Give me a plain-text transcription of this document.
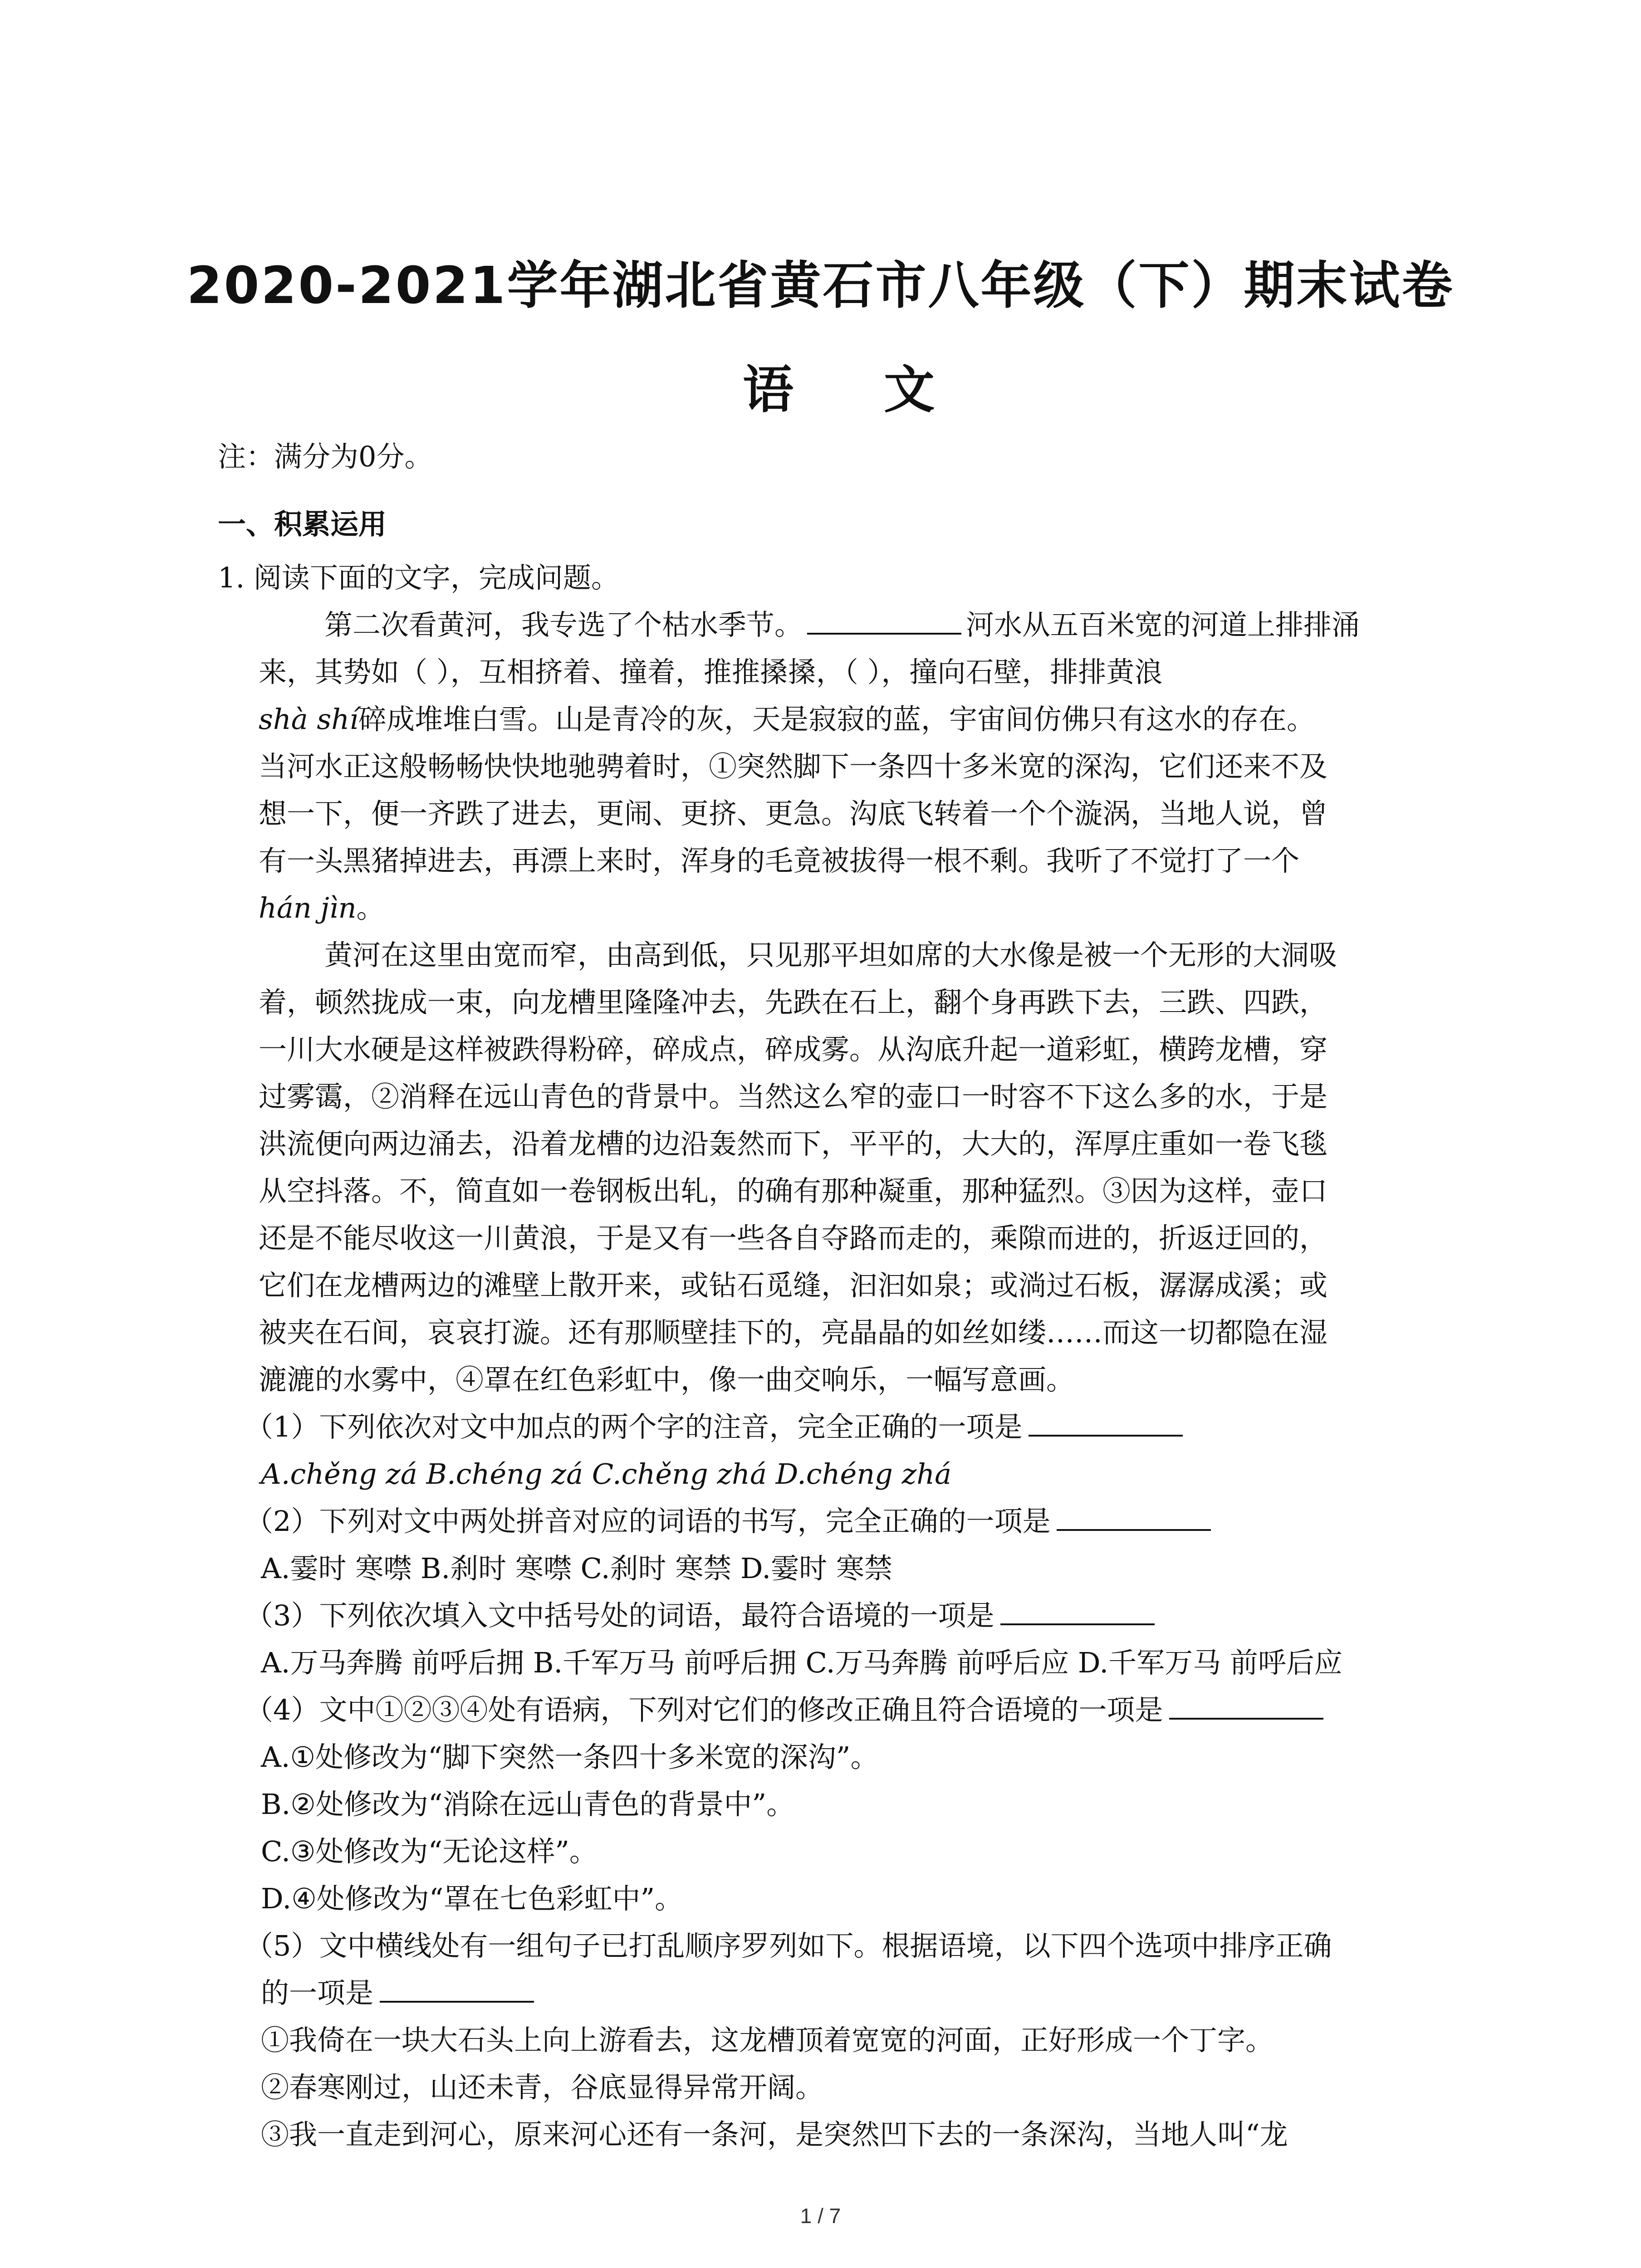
2020-2021学年湖北省黄石市八年级（下）期末试卷
语 文
注：满分为0分。
一、积累运用
1. 阅读下面的文字，完成问题。
第二次看黄河，我专选了个枯水季节。	河水从五百米宽的河道上排排涌
来，其势如（ ），互相挤着、撞着，推推搡搡，（ ），撞向石壁，排排黄浪
shà shí碎成堆堆白雪。山是青冷的灰，天是寂寂的蓝，宇宙间仿佛只有这水的存在。
当河水正这般畅畅快快地驰骋着时，①突然脚下一条四十多米宽的深沟，它们还来不及
想一下，便一齐跌了进去，更闹、更挤、更急。沟底飞转着一个个漩涡，当地人说，曾
有一头黑猪掉进去，再漂上来时，浑身的毛竟被拔得一根不剩。我听了不觉打了一个
hán jìn。
黄河在这里由宽而窄，由高到低，只见那平坦如席的大水像是被一个无形的大洞吸
着，顿然拢成一束，向龙槽里隆隆冲去，先跌在石上，翻个身再跌下去，三跌、四跌，
一川大水硬是这样被跌得粉碎，碎成点，碎成雾。从沟底升起一道彩虹，横跨龙槽，穿
过雾霭，②消释在远山青色的背景中。当然这么窄的壶口一时容不下这么多的水，于是
洪流便向两边涌去，沿着龙槽的边沿轰然而下，平平的，大大的，浑厚庄重如一卷飞毯
从空抖落。不，简直如一卷钢板出轧，的确有那种凝重，那种猛烈。③因为这样，壶口
还是不能尽收这一川黄浪，于是又有一些各自夺路而走的，乘隙而进的，折返迂回的，
它们在龙槽两边的滩壁上散开来，或钻石觅缝，汩汩如泉；或淌过石板，潺潺成溪；或
被夹在石间，哀哀打漩。还有那顺壁挂下的，亮晶晶的如丝如缕……而这一切都隐在湿
漉漉的水雾中，④罩在红色彩虹中，像一曲交响乐，一幅写意画。
（1）下列依次对文中加点的两个字的注音，完全正确的一项是
A.chěng zá B.chéng zá C.chěng zhá D.chéng zhá
（2）下列对文中两处拼音对应的词语的书写，完全正确的一项是
A.霎时 寒噤 B.刹时 寒噤 C.刹时 寒禁 D.霎时 寒禁
（3）下列依次填入文中括号处的词语，最符合语境的一项是
A.万马奔腾 前呼后拥 B.千军万马 前呼后拥 C.万马奔腾 前呼后应 D.千军万马 前呼后应
（4）文中①②③④处有语病，下列对它们的修改正确且符合语境的一项是
A.①处修改为“脚下突然一条四十多米宽的深沟”。
B.②处修改为“消除在远山青色的背景中”。
C.③处修改为“无论这样”。
D.④处修改为“罩在七色彩虹中”。
（5）文中横线处有一组句子已打乱顺序罗列如下。根据语境，以下四个选项中排序正确
的一项是
①我倚在一块大石头上向上游看去，这龙槽顶着宽宽的河面，正好形成一个丁字。
②春寒刚过，山还未青，谷底显得异常开阔。
③我一直走到河心，原来河心还有一条河，是突然凹下去的一条深沟，当地人叫“龙
1 / 7
